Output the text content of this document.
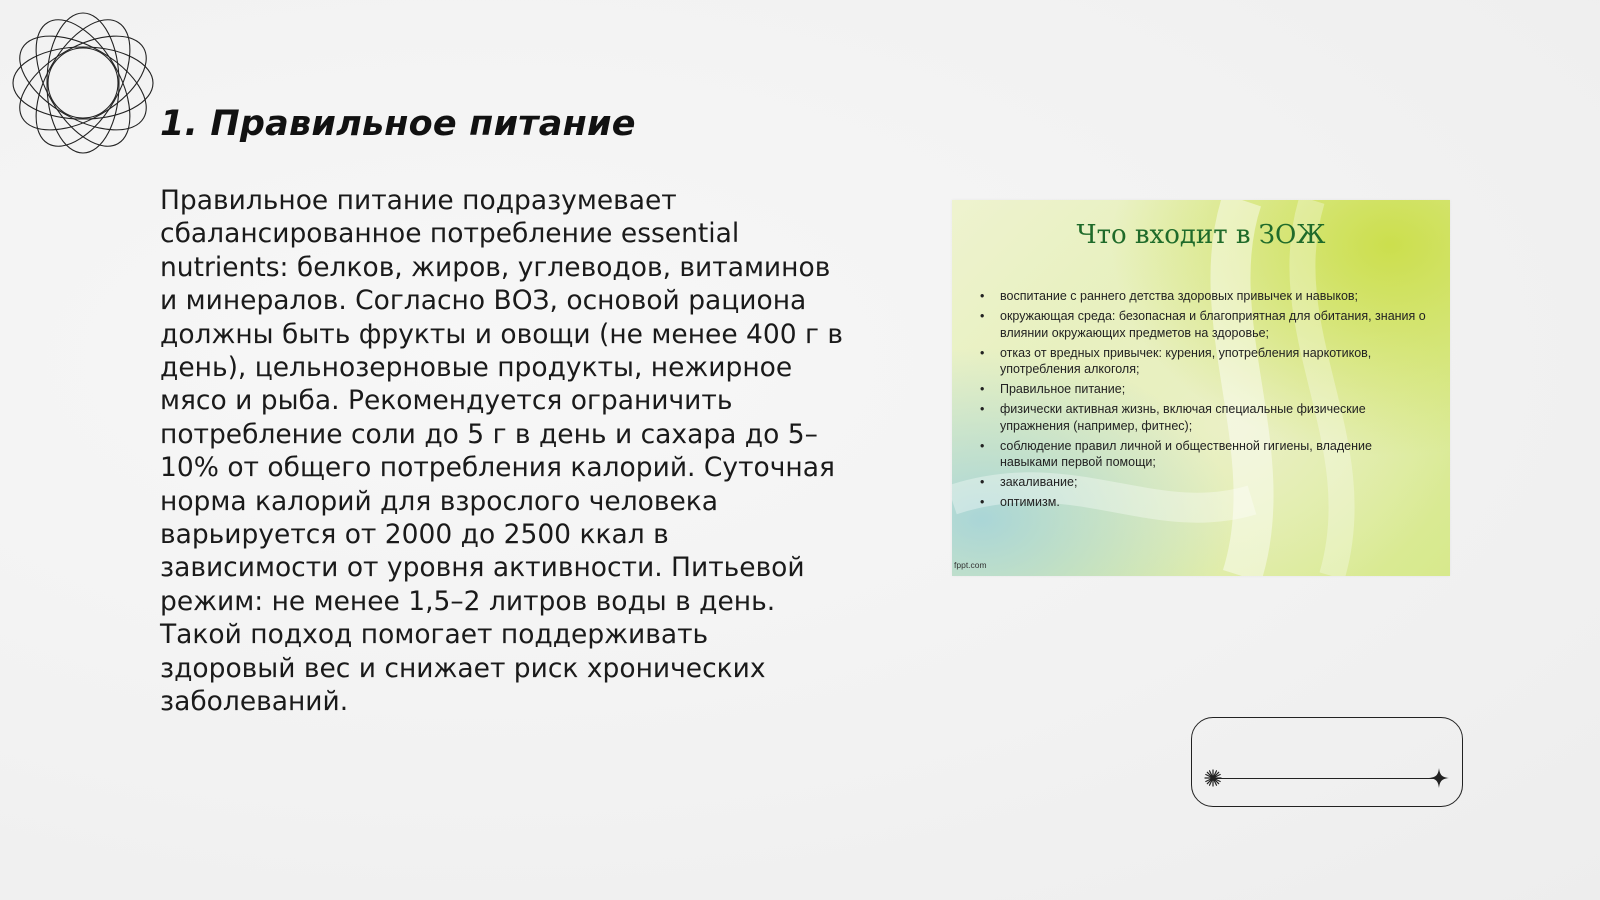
1. Правильное питание

Правильное питание подразумевает сбалансированное потребление essential nutrients: белков, жиров, углеводов, витаминов и минералов. Согласно ВОЗ, основой рациона должны быть фрукты и овощи (не менее 400 г в день), цельнозерновые продукты, нежирное мясо и рыба. Рекомендуется ограничить потребление соли до 5 г в день и сахара до 5–10% от общего потребления калорий. Суточная норма калорий для взрослого человека варьируется от 2000 до 2500 ккал в зависимости от уровня активности. Питьевой режим: не менее 1,5–2 литров воды в день. Такой подход помогает поддерживать здоровый вес и снижает риск хронических заболеваний.

Что входит в ЗОЖ
• воспитание с раннего детства здоровых привычек и навыков;
• окружающая среда: безопасная и благоприятная для обитания, знания о влиянии окружающих предметов на здоровье;
• отказ от вредных привычек: курения, употребления наркотиков, употребления алкоголя;
• Правильное питание;
• физически активная жизнь, включая специальные физические упражнения (например, фитнес);
• соблюдение правил личной и общественной гигиены, владение навыками первой помощи;
• закаливание;
• оптимизм.
fppt.com
